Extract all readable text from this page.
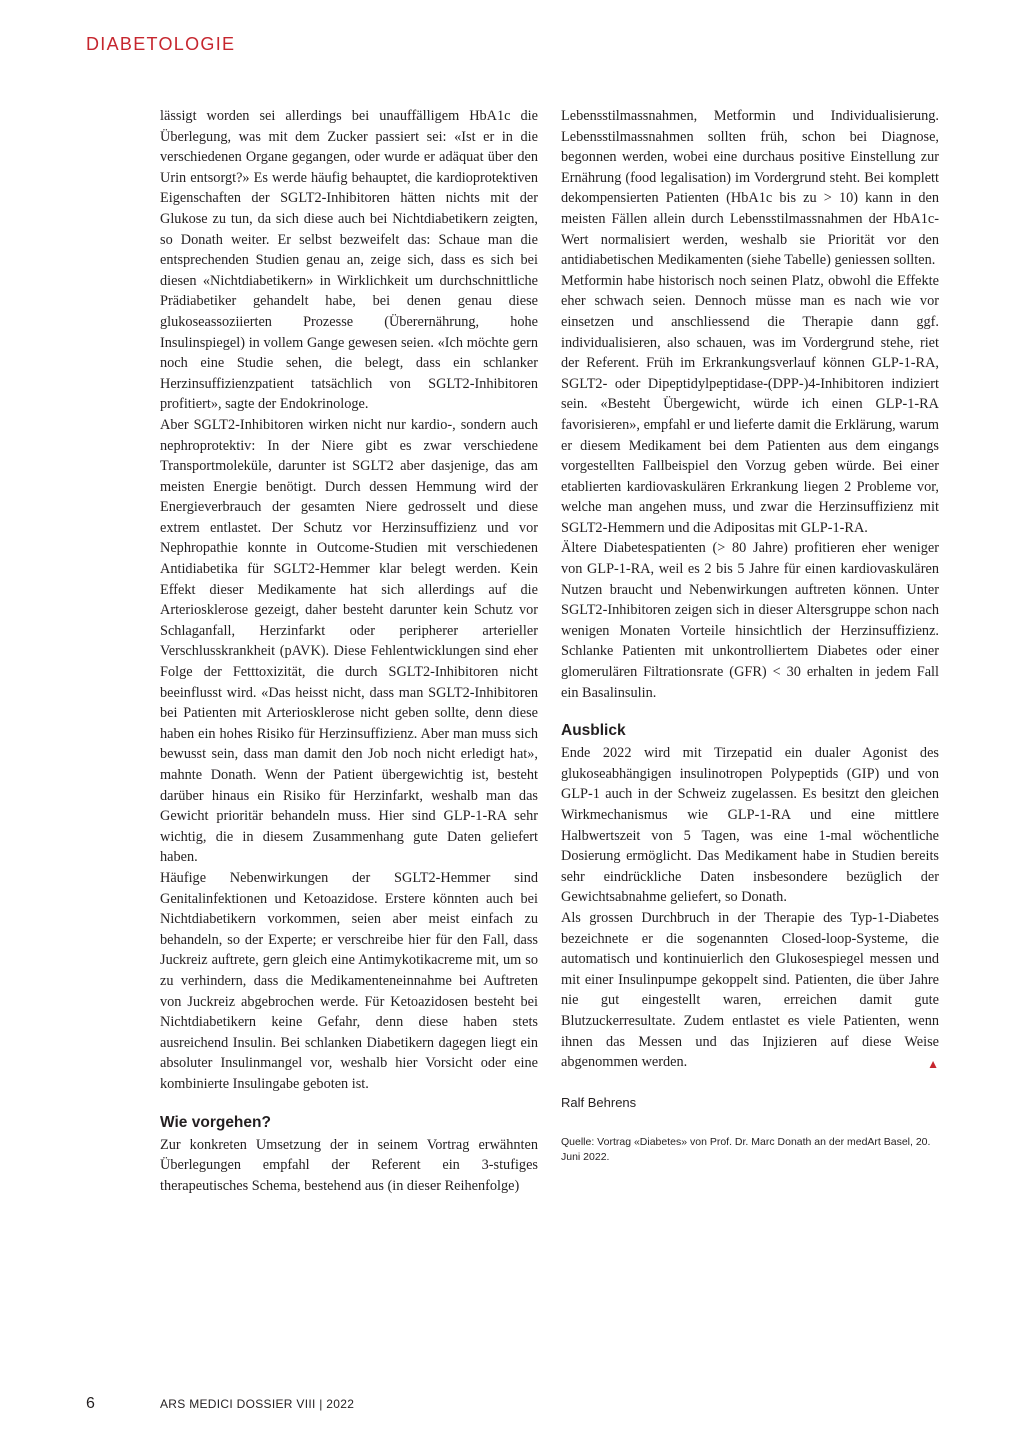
DIABETOLOGIE

lässigt worden sei allerdings bei unauffälligem HbA1c die Überlegung, was mit dem Zucker passiert sei: «Ist er in die verschiedenen Organe gegangen, oder wurde er adäquat über den Urin entsorgt?» Es werde häufig behauptet, die kardioprotektiven Eigenschaften der SGLT2-Inhibitoren hätten nichts mit der Glukose zu tun, da sich diese auch bei Nichtdiabetikern zeigten, so Donath weiter. Er selbst bezweifelt das: Schaue man die entsprechenden Studien genau an, zeige sich, dass es sich bei diesen «Nichtdiabetikern» in Wirklichkeit um durchschnittliche Prädiabetiker gehandelt habe, bei denen genau diese glukoseassoziierten Prozesse (Überernährung, hohe Insulinspiegel) in vollem Gange gewesen seien. «Ich möchte gern noch eine Studie sehen, die belegt, dass ein schlanker Herzinsuffizienzpatient tatsächlich von SGLT2-Inhibitoren profitiert», sagte der Endokrinologe.

Aber SGLT2-Inhibitoren wirken nicht nur kardio-, sondern auch nephroprotektiv: In der Niere gibt es zwar verschiedene Transportmoleküle, darunter ist SGLT2 aber dasjenige, das am meisten Energie benötigt. Durch dessen Hemmung wird der Energieverbrauch der gesamten Niere gedrosselt und diese extrem entlastet. Der Schutz vor Herzinsuffizienz und vor Nephropathie konnte in Outcome-Studien mit verschiedenen Antidiabetika für SGLT2-Hemmer klar belegt werden. Kein Effekt dieser Medikamente hat sich allerdings auf die Arteriosklerose gezeigt, daher besteht darunter kein Schutz vor Schlaganfall, Herzinfarkt oder peripherer arterieller Verschlusskrankheit (pAVK). Diese Fehlentwicklungen sind eher Folge der Fetttoxizität, die durch SGLT2-Inhibitoren nicht beeinflusst wird. «Das heisst nicht, dass man SGLT2-Inhibitoren bei Patienten mit Arteriosklerose nicht geben sollte, denn diese haben ein hohes Risiko für Herzinsuffizienz. Aber man muss sich bewusst sein, dass man damit den Job noch nicht erledigt hat», mahnte Donath. Wenn der Patient übergewichtig ist, besteht darüber hinaus ein Risiko für Herzinfarkt, weshalb man das Gewicht prioritär behandeln muss. Hier sind GLP-1-RA sehr wichtig, die in diesem Zusammenhang gute Daten geliefert haben.

Häufige Nebenwirkungen der SGLT2-Hemmer sind Genitalinfektionen und Ketoazidose. Erstere könnten auch bei Nichtdiabetikern vorkommen, seien aber meist einfach zu behandeln, so der Experte; er verschreibe hier für den Fall, dass Juckreiz auftrete, gern gleich eine Antimykotikacreme mit, um so zu verhindern, dass die Medikamenteneinnahme bei Auftreten von Juckreiz abgebrochen werde. Für Ketoazidosen besteht bei Nichtdiabetikern keine Gefahr, denn diese haben stets ausreichend Insulin. Bei schlanken Diabetikern dagegen liegt ein absoluter Insulinmangel vor, weshalb hier Vorsicht oder eine kombinierte Insulingabe geboten ist.

Wie vorgehen?

Zur konkreten Umsetzung der in seinem Vortrag erwähnten Überlegungen empfahl der Referent ein 3-stufiges therapeutisches Schema, bestehend aus (in dieser Reihenfolge)

Lebensstilmassnahmen, Metformin und Individualisierung. Lebensstilmassnahmen sollten früh, schon bei Diagnose, begonnen werden, wobei eine durchaus positive Einstellung zur Ernährung (food legalisation) im Vordergrund steht. Bei komplett dekompensierten Patienten (HbA1c bis zu > 10) kann in den meisten Fällen allein durch Lebensstilmassnahmen der HbA1c-Wert normalisiert werden, weshalb sie Priorität vor den antidiabetischen Medikamenten (siehe Tabelle) geniessen sollten.

Metformin habe historisch noch seinen Platz, obwohl die Effekte eher schwach seien. Dennoch müsse man es nach wie vor einsetzen und anschliessend die Therapie dann ggf. individualisieren, also schauen, was im Vordergrund stehe, riet der Referent. Früh im Erkrankungsverlauf können GLP-1-RA, SGLT2- oder Dipeptidylpeptidase-(DPP-)4-Inhibitoren indiziert sein. «Besteht Übergewicht, würde ich einen GLP-1-RA favorisieren», empfahl er und lieferte damit die Erklärung, warum er diesem Medikament bei dem Patienten aus dem eingangs vorgestellten Fallbeispiel den Vorzug geben würde. Bei einer etablierten kardiovaskulären Erkrankung liegen 2 Probleme vor, welche man angehen muss, und zwar die Herzinsuffizienz mit SGLT2-Hemmern und die Adipositas mit GLP-1-RA.

Ältere Diabetespatienten (> 80 Jahre) profitieren eher weniger von GLP-1-RA, weil es 2 bis 5 Jahre für einen kardiovaskulären Nutzen braucht und Nebenwirkungen auftreten können. Unter SGLT2-Inhibitoren zeigen sich in dieser Altersgruppe schon nach wenigen Monaten Vorteile hinsichtlich der Herzinsuffizienz. Schlanke Patienten mit unkontrolliertem Diabetes oder einer glomerulären Filtrationsrate (GFR) < 30 erhalten in jedem Fall ein Basalinsulin.

Ausblick

Ende 2022 wird mit Tirzepatid ein dualer Agonist des glukoseabhängigen insulinotropen Polypeptids (GIP) und von GLP-1 auch in der Schweiz zugelassen. Es besitzt den gleichen Wirkmechanismus wie GLP-1-RA und eine mittlere Halbwertszeit von 5 Tagen, was eine 1-mal wöchentliche Dosierung ermöglicht. Das Medikament habe in Studien bereits sehr eindrückliche Daten insbesondere bezüglich der Gewichtsabnahme geliefert, so Donath.

Als grossen Durchbruch in der Therapie des Typ-1-Diabetes bezeichnete er die sogenannten Closed-loop-Systeme, die automatisch und kontinuierlich den Glukosespiegel messen und mit einer Insulinpumpe gekoppelt sind. Patienten, die über Jahre nie gut eingestellt waren, erreichen damit gute Blutzuckerresultate. Zudem entlastet es viele Patienten, wenn ihnen das Messen und das Injizieren auf diese Weise abgenommen werden.	▲

Ralf Behrens
Quelle: Vortrag «Diabetes» von Prof. Dr. Marc Donath an der medArt Basel, 20. Juni 2022.
6	ARS MEDICI DOSSIER VIII | 2022
